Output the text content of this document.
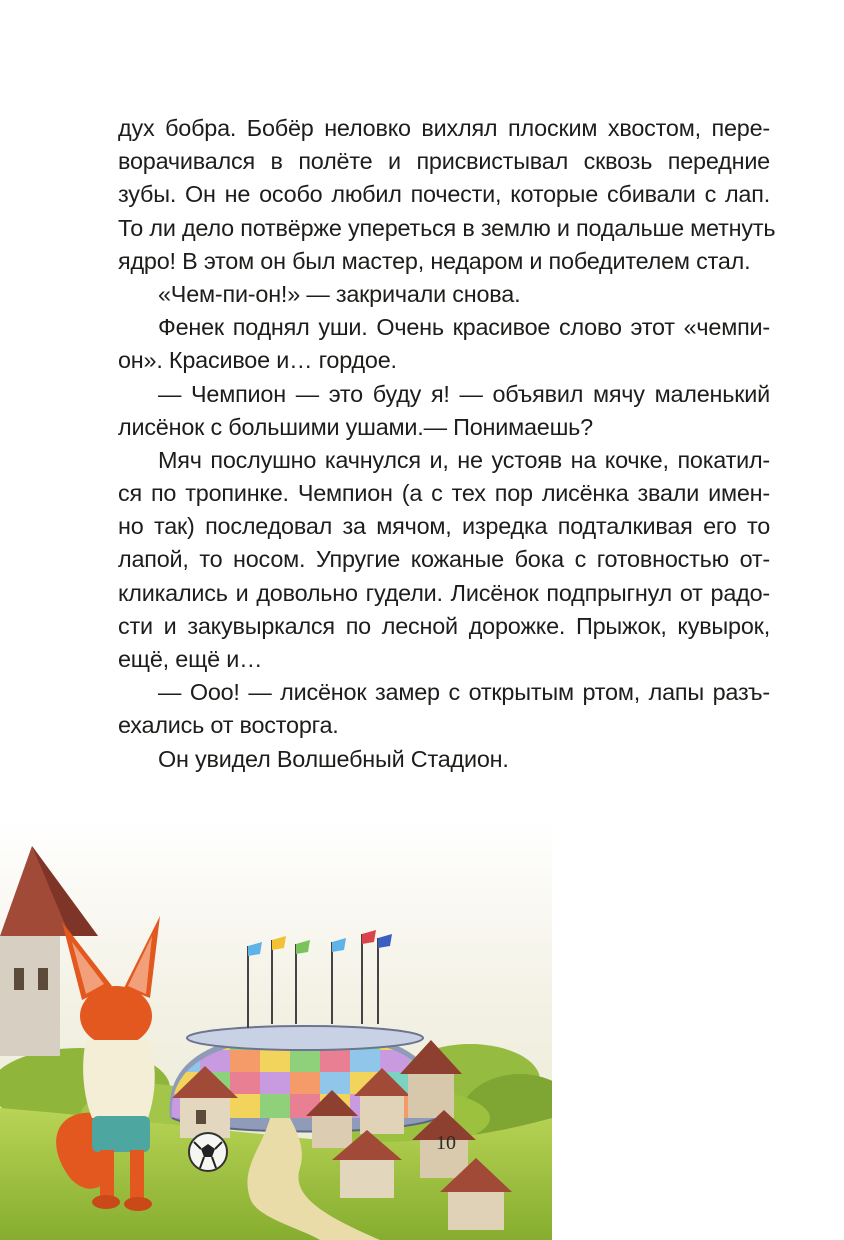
дух бобра. Бобёр неловко вихлял плоским хвостом, пере-
ворачивался в полёте и присвистывал сквозь передние
зубы. Он не особо любил почести, которые сбивали с лап.
То ли дело потвёрже упереться в землю и подальше метнуть
ядро! В этом он был мастер, недаром и победителем стал.
«Чем-пи-он!» — закричали снова.
Фенек поднял уши. Очень красивое слово этот «чемпи-
он». Красивое и… гордое.
— Чемпион — это буду я! — объявил мячу маленький
лисёнок с большими ушами.— Понимаешь?
Мяч послушно качнулся и, не устояв на кочке, покатил-
ся по тропинке. Чемпион (а с тех пор лисёнка звали имен-
но так) последовал за мячом, изредка подталкивая его то
лапой, то носом. Упругие кожаные бока с готовностью от-
кликались и довольно гудели. Лисёнок подпрыгнул от радо-
сти и закувыркался по лесной дорожке. Прыжок, кувырок,
ещё, ещё и…
— Ооо! — лисёнок замер с открытым ртом, лапы разъ-
ехались от восторга.
Он увидел Волшебный Стадион.
10
